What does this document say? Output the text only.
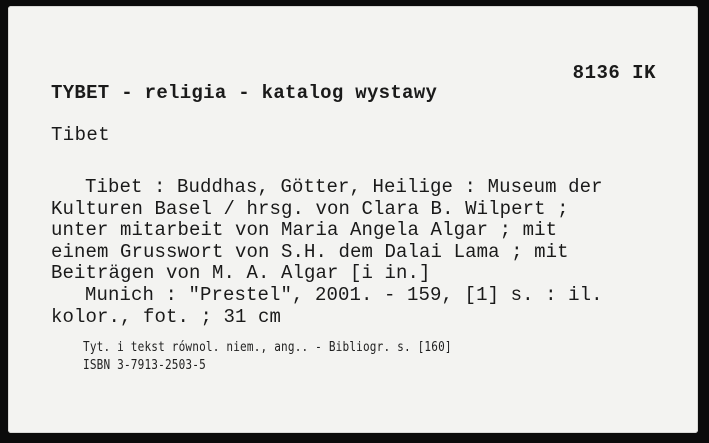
8136 IK
TYBET - religia - katalog wystawy
Tibet
Tibet : Buddhas, Götter, Heilige : Museum der
Kulturen Basel / hrsg. von Clara B. Wilpert ;
unter mitarbeit von Maria Angela Algar ; mit
einem Grusswort von S.H. dem Dalai Lama ; mit
Beiträgen von M. A. Algar [i in.]
Munich : "Prestel", 2001. - 159, [1] s. : il.
kolor., fot. ; 31 cm
Tyt. i tekst równol. niem., ang.. - Bibliogr. s. [160]
ISBN 3-7913-2503-5
